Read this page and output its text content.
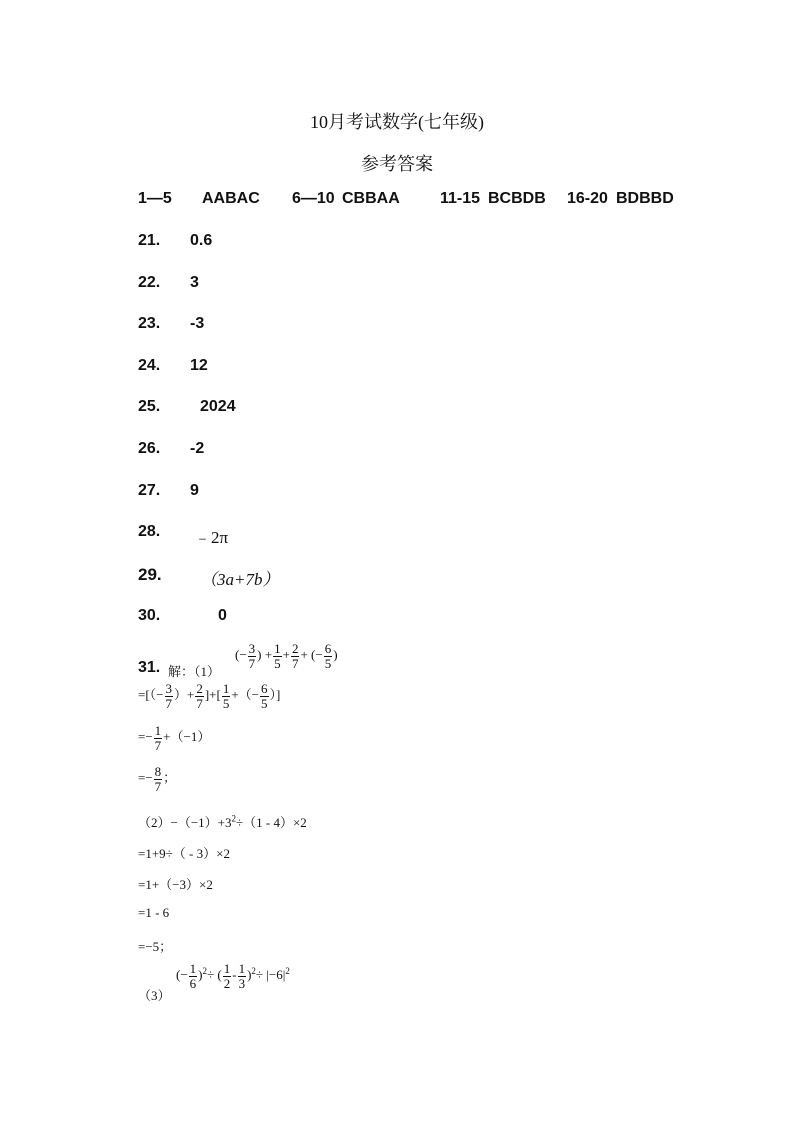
10月考试数学(七年级)
参考答案
1—5 AABAC 6—10 CBBAA	11-15 BCBDB 16-20 BDBBD
21. 0.6
22. 3
23. -3
24. 12
25. 2024
26. -2
27. 9
28. ﹣2π
29. （3a+7b）
30.	0
31. 解：（1）
(− $\frac{3}{7}$ ) + $\frac{1}{5} + \frac{2}{7}$ + (− $\frac{6}{5}$ )
=[（− $\frac{3}{7}$ ）+ $\frac{2}{7}$ ]+[ $\frac{1}{5}$ +（− $\frac{6}{5}$ ）]
=− $\frac{1}{7} +(-1)$
=− $\frac{8}{7}$ ；
$(2)-(-1)+3^2\div(1 - 4)\times 2$
=1+9÷（ - 3）×2
=1+（−3）×2
=1 - 6
=−5；
（3）
(− $\frac{1}{6} )^2\div$ ( $\frac{1}{2} - \frac{1}{3} )^2\div |-6|^2$
